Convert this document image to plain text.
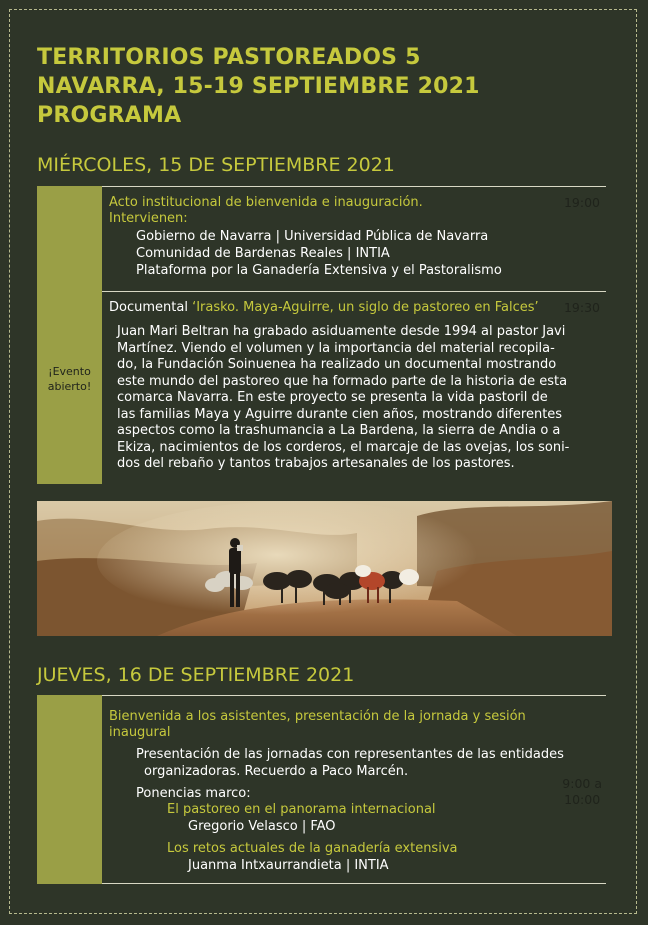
TERRITORIOS PASTOREADOS 5
NAVARRA, 15-19 SEPTIEMBRE 2021
PROGRAMA
MIÉRCOLES, 15 DE SEPTIEMBRE 2021
19:00
Acto institucional de bienvenida e inauguración.
Intervienen:
Gobierno de Navarra | Universidad Pública de Navarra
Comunidad de Bardenas Reales | INTIA
Plataforma por la Ganadería Extensiva y el Pastoralismo
19:30
¡Evento
abierto!
Documental ‘Irasko. Maya-Aguirre, un siglo de pastoreo en Falces’
Juan Mari Beltran ha grabado asiduamente desde 1994 al pastor Javi
Martínez. Viendo el volumen y la importancia del material recopila-
do, la Fundación Soinuenea ha realizado un documental mostrando
este mundo del pastoreo que ha formado parte de la historia de esta
comarca Navarra. En este proyecto se presenta la vida pastoril de
las familias Maya y Aguirre durante cien años, mostrando diferentes
aspectos como la trashumancia a La Bardena, la sierra de Andia o a
Ekiza, nacimientos de los corderos, el marcaje de las ovejas, los soni-
dos del rebaño y tantos trabajos artesanales de los pastores.
JUEVES, 16 DE SEPTIEMBRE 2021
9:00 a
10:00
Bienvenida a los asistentes, presentación de la jornada y sesión
inaugural
Presentación de las jornadas con representantes de las entidades
organizadoras. Recuerdo a Paco Marcén.
Ponencias marco:
El pastoreo en el panorama internacional
Gregorio Velasco | FAO
Los retos actuales de la ganadería extensiva
Juanma Intxaurrandieta | INTIA
